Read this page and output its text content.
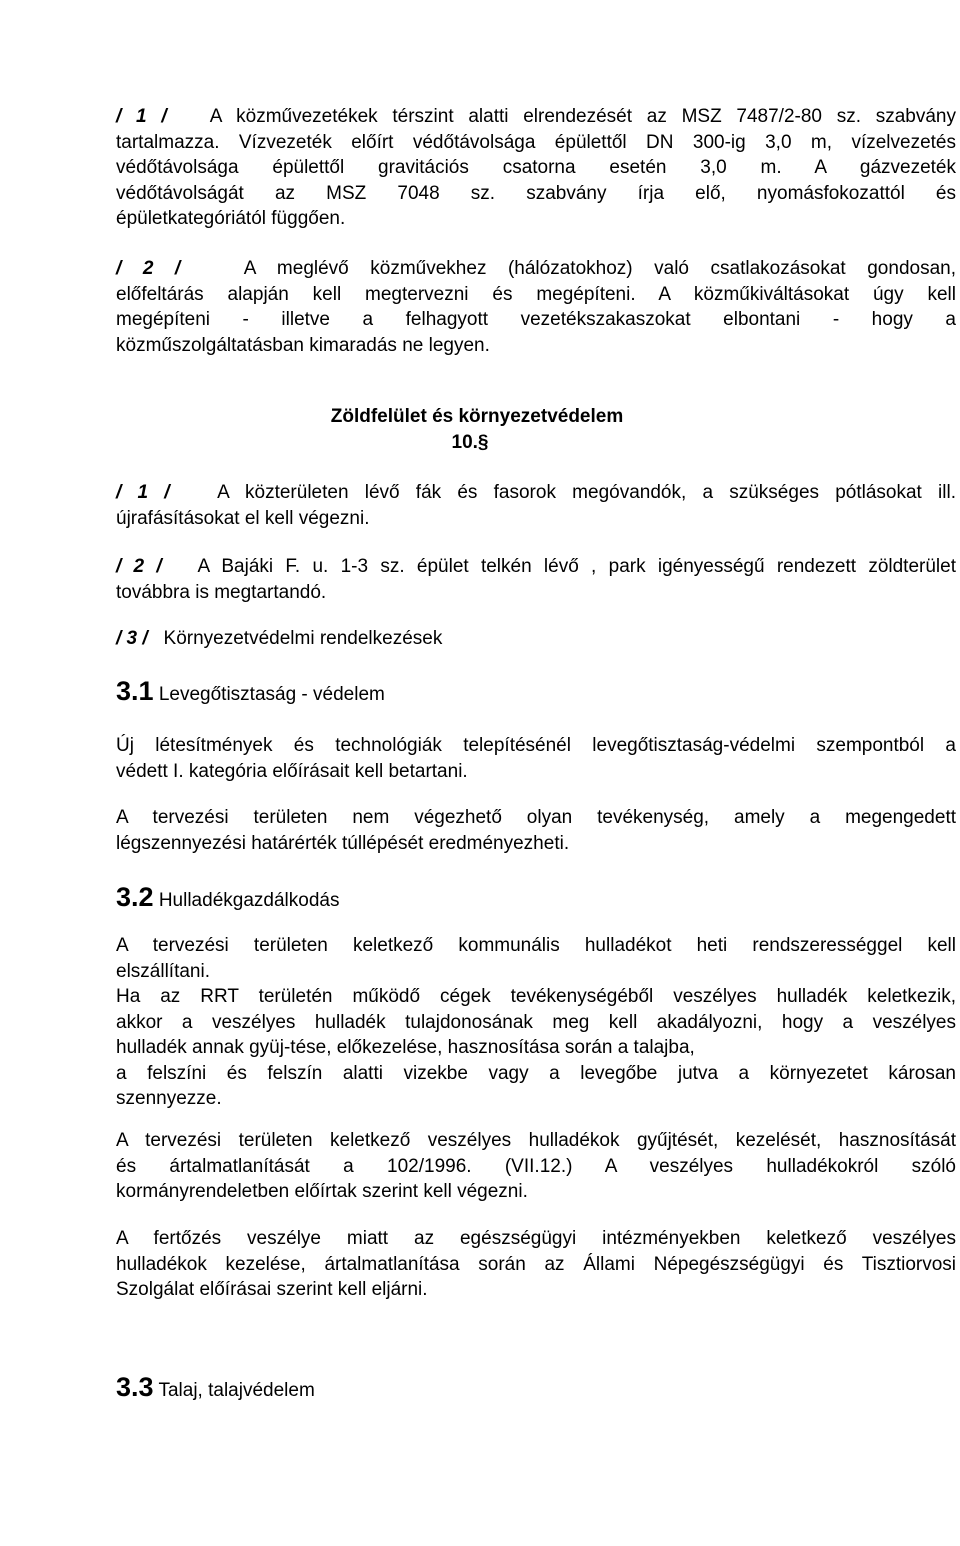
/ 1 / A közművezetékek térszint alatti elrendezését az MSZ 7487/2-80 sz. szabvány
tartalmazza. Vízvezeték előírt védőtávolsága épülettől DN 300-ig 3,0 m, vízelvezetés
védőtávolsága épülettől gravitációs csatorna esetén 3,0 m. A gázvezeték
védőtávolságát az MSZ 7048 sz. szabvány írja elő, nyomásfokozattól és
épületkategóriától függően.
/ 2 /	A meglévő közművekhez (hálózatokhoz) való csatlakozásokat gondosan,
előfeltárás alapján kell megtervezni és megépíteni. A közműkiváltásokat úgy kell
megépíteni - illetve a felhagyott vezetékszakaszokat elbontani - hogy a
közműszolgáltatásban kimaradás ne legyen.

Zöldfelület és környezetvédelem

10.§

/ 1 /	A közterületen lévő fák és fasorok megóvandók, a szükséges pótlásokat ill.
újrafásításokat el kell végezni.
/ 2 / A Bajáki F. u. 1-3 sz. épület telkén lévő , park igényességű rendezett zöldterület
továbbra is megtartandó.
/ 3 / Környezetvédelmi rendelkezések

3.1 Levegőtisztaság - védelem

Új létesítmények és technológiák telepítésénél levegőtisztaság-védelmi szempontból a
védett I. kategória előírásait kell betartani.
A tervezési területen nem végezhető olyan tevékenység, amely a megengedett
légszennyezési határérték túllépését eredményezheti.

3.2 Hulladékgazdálkodás

A tervezési területen keletkező kommunális hulladékot heti rendszerességgel kell
elszállítani.
Ha az RRT területén működő cégek tevékenységéből veszélyes hulladék keletkezik,
akkor a veszélyes hulladék tulajdonosának meg kell akadályozni, hogy a veszélyes
hulladék annak gyüj-tése, előkezelése, hasznosítása során a talajba,
a felszíni és felszín alatti vizekbe vagy a levegőbe jutva a környezetet károsan
szennyezze.
A tervezési területen keletkező veszélyes hulladékok gyűjtését, kezelését, hasznosítását
és ártalmatlanítását a 102/1996. (VII.12.) A veszélyes hulladékokról szóló
kormányrendeletben előírtak szerint kell végezni.
A fertőzés veszélye miatt az egészségügyi intézményekben keletkező veszélyes
hulladékok kezelése, ártalmatlanítása során az Állami Népegészségügyi és Tisztiorvosi
Szolgálat előírásai szerint kell eljárni.

3.3 Talaj, talajvédelem
